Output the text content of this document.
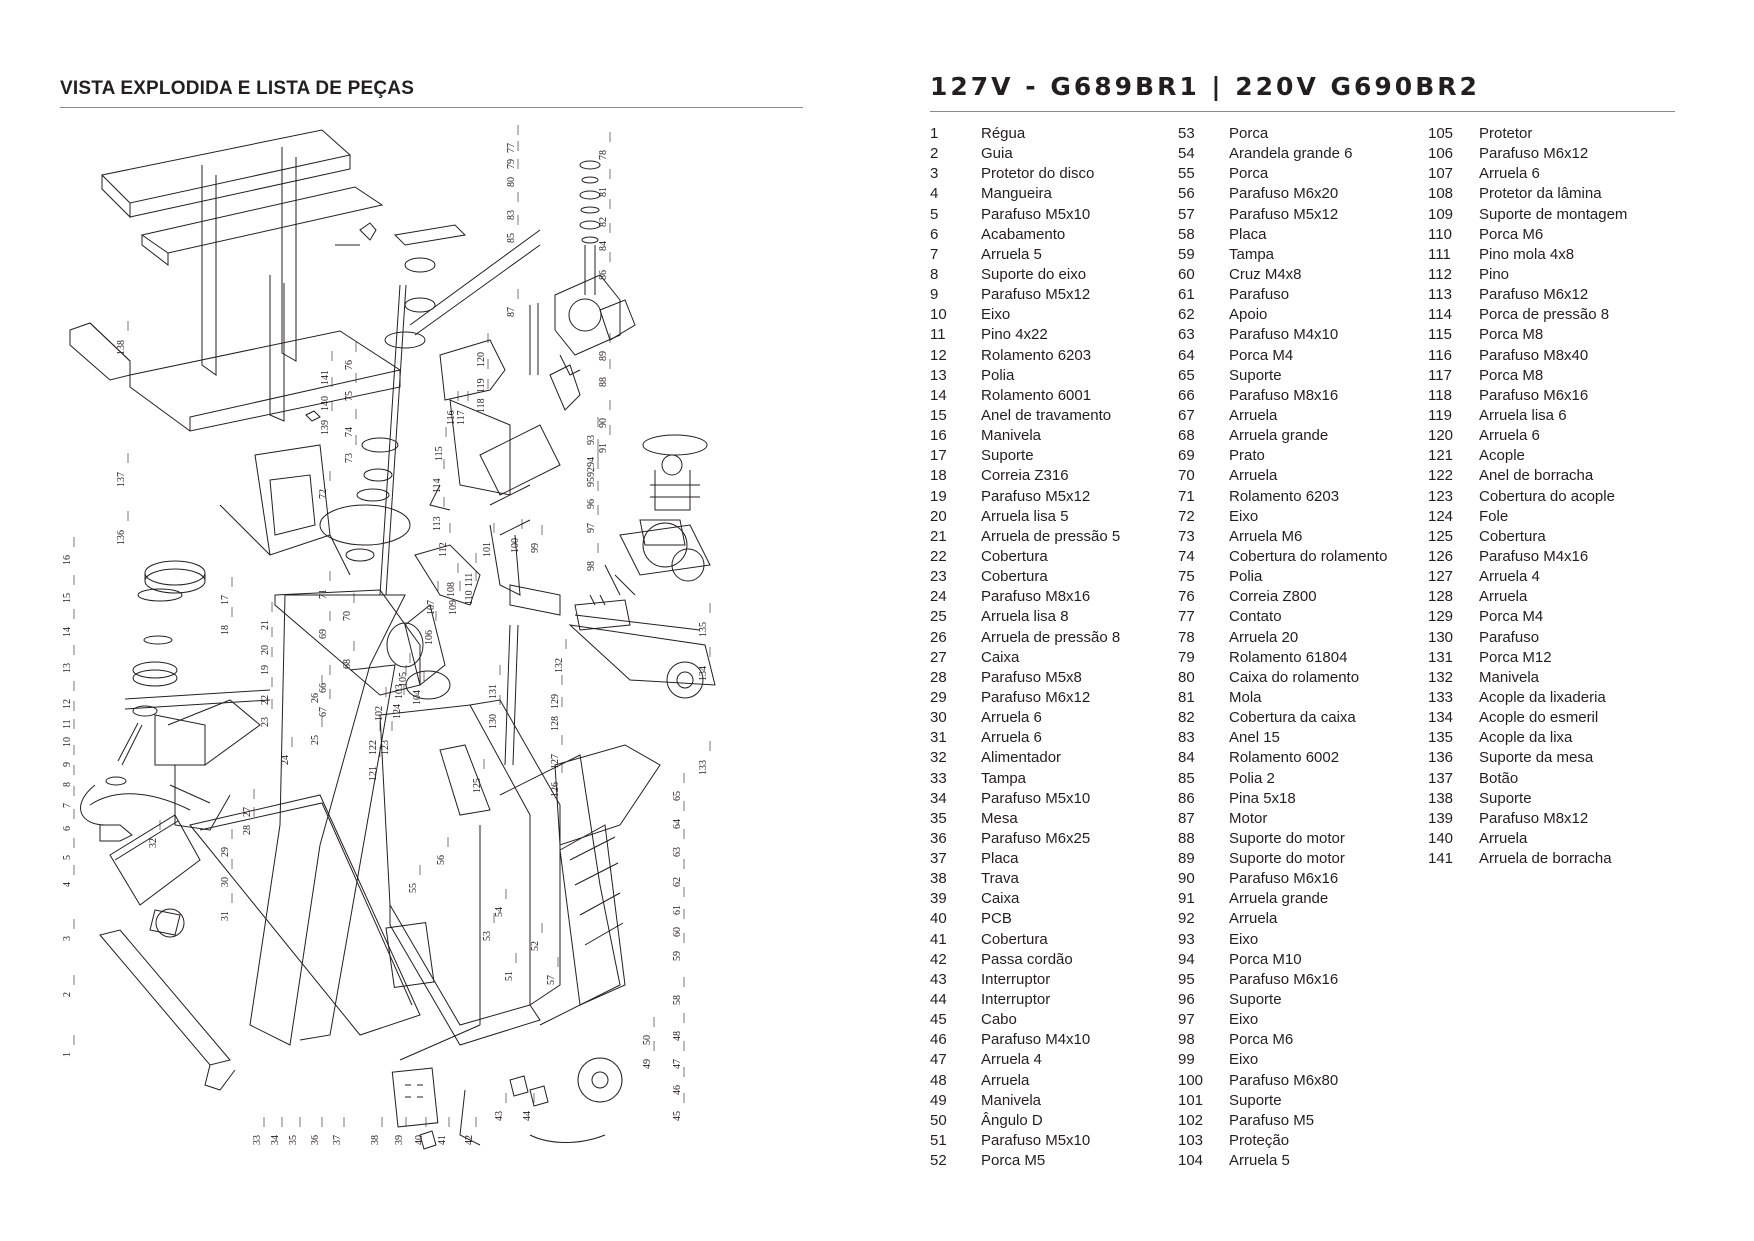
VISTA EXPLODIDA E LISTA DE PEÇAS	127V - G689BR1 | 220V G690BR2
1
2
3
4
5
6
7
8
9
10
11
12
13
14
15
16
17
18
19
20
21
22
23
24
25
26
27
28
29
30
31
32
33 34 35 36 37	38 39 40 41 42
43 44	45
46
47
48
49
50
51
52
53
54
55
56
57
58
59
60
61
62
63
64
65
66
67
68
69
70
71
72
73
74
75
76
77
78
79
80
81
82
83
84
85
86
87
88
89
90
91
92
93
94
95
96
97
98
99
100
101
102
103 104
105
106
107
108
109
110
111
112
113
114
115
116 117
118
119
120
121
122 123
124
125	126
127
128
129
130
131
132
133
134
135
136
137
138
139
140
141
1	Régua
2	Guia
3	Protetor do disco
4	Mangueira
5	Parafuso M5x10
6	Acabamento
7	Arruela 5
8	Suporte do eixo
9	Parafuso M5x12
10 Eixo
11 Pino 4x22
12 Rolamento 6203
13 Polia
14 Rolamento 6001
15 Anel de travamento
16 Manivela
17 Suporte
18 Correia Z316
19 Parafuso M5x12
20 Arruela lisa 5
21 Arruela de pressão 5
22 Cobertura
23 Cobertura
24 Parafuso M8x16
25 Arruela lisa 8
26 Arruela de pressão 8
27 Caixa
28 Parafuso M5x8
29 Parafuso M6x12
30 Arruela 6
31 Arruela 6
32 Alimentador
33 Tampa
34 Parafuso M5x10
35 Mesa
36 Parafuso M6x25
37 Placa
38 Trava
39 Caixa
40 PCB
41 Cobertura
42 Passa cordão
43 Interruptor
44 Interruptor
45 Cabo
46 Parafuso M4x10
47 Arruela 4
48 Arruela
49 Manivela
50 Ângulo D
51 Parafuso M5x10
52 Porca M5
53 Porca
54 Arandela grande 6
55 Porca
56 Parafuso M6x20
57 Parafuso M5x12
58 Placa
59 Tampa
60 Cruz M4x8
61 Parafuso
62 Apoio
63 Parafuso M4x10
64 Porca M4
65 Suporte
66 Parafuso M8x16
67 Arruela
68 Arruela grande
69 Prato
70 Arruela
71 Rolamento 6203
72 Eixo
73 Arruela M6
74 Cobertura do rolamento
75 Polia
76 Correia Z800
77 Contato
78 Arruela 20
79 Rolamento 61804
80 Caixa do rolamento
81 Mola
82 Cobertura da caixa
83 Anel 15
84 Rolamento 6002
85 Polia 2
86 Pina 5x18
87 Motor
88 Suporte do motor
89 Suporte do motor
90 Parafuso M6x16
91 Arruela grande
92 Arruela
93 Eixo
94 Porca M10
95 Parafuso M6x16
96 Suporte
97 Eixo
98 Porca M6
99 Eixo
100 Parafuso M6x80
101 Suporte
102 Parafuso M5
103 Proteção
104 Arruela 5
105 Protetor
106 Parafuso M6x12
107 Arruela 6
108 Protetor da lâmina
109 Suporte de montagem
110 Porca M6
111 Pino mola 4x8
112 Pino
113 Parafuso M6x12
114 Porca de pressão 8
115 Porca M8
116 Parafuso M8x40
117 Porca M8
118 Parafuso M6x16
119 Arruela lisa 6
120 Arruela 6
121 Acople
122 Anel de borracha
123 Cobertura do acople
124 Fole
125 Cobertura
126 Parafuso M4x16
127 Arruela 4
128 Arruela
129 Porca M4
130 Parafuso
131 Porca M12
132 Manivela
133 Acople da lixaderia
134 Acople do esmeril
135 Acople da lixa
136 Suporte da mesa
137 Botão
138 Suporte
139 Parafuso M8x12
140 Arruela
141 Arruela de borracha
